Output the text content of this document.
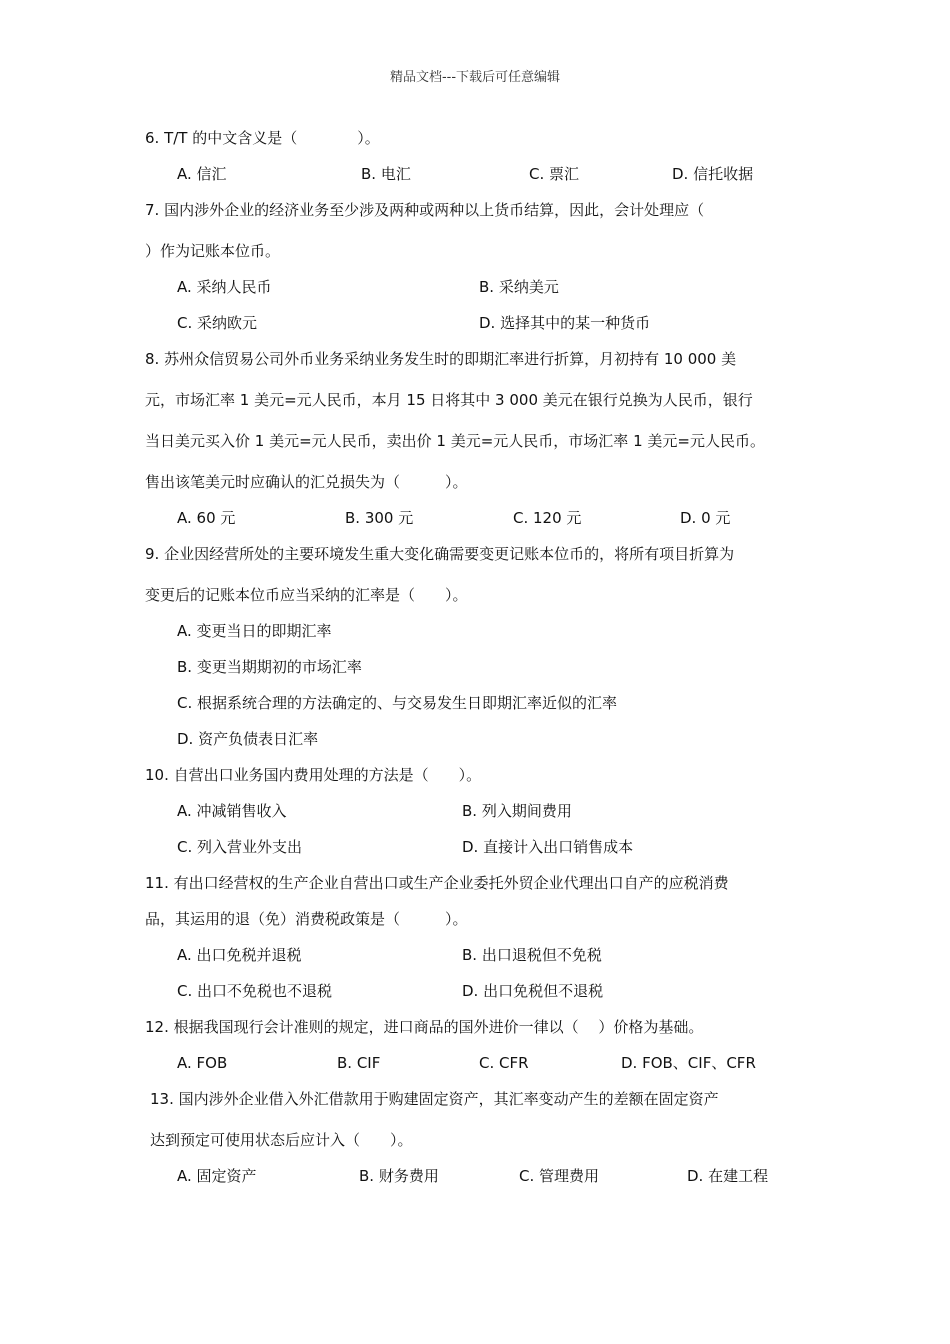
精品文档---下载后可任意编辑
6. T/T 的中文含义是（　　　　）。
A. 信汇	B. 电汇	C. 票汇	D. 信托收据
7. 国内涉外企业的经济业务至少涉及两种或两种以上货币结算，因此，会计处理应（
）作为记账本位币。
A. 采纳人民币	B. 采纳美元
C. 采纳欧元	D. 选择其中的某一种货币
8. 苏州众信贸易公司外币业务采纳业务发生时的即期汇率进行折算，月初持有 10 000 美
元，市场汇率 1 美元=元人民币，本月 15 日将其中 3 000 美元在银行兑换为人民币，银行
当日美元买入价 1 美元=元人民币，卖出价 1 美元=元人民币，市场汇率 1 美元=元人民币。
售出该笔美元时应确认的汇兑损失为（　　　）。
A. 60 元	B. 300 元	C. 120 元	D. 0 元
9. 企业因经营所处的主要环境发生重大变化确需要变更记账本位币的，将所有项目折算为
变更后的记账本位币应当采纳的汇率是（　　）。
A. 变更当日的即期汇率
B. 变更当期期初的市场汇率
C. 根据系统合理的方法确定的、与交易发生日即期汇率近似的汇率
D. 资产负债表日汇率
10. 自营出口业务国内费用处理的方法是（　　）。
A. 冲减销售收入	B. 列入期间费用
C. 列入营业外支出	D. 直接计入出口销售成本
11. 有出口经营权的生产企业自营出口或生产企业委托外贸企业代理出口自产的应税消费
品，其运用的退（免）消费税政策是（　　　）。
A. 出口免税并退税	B. 出口退税但不免税
C. 出口不免税也不退税	D. 出口免税但不退税
12. 根据我国现行会计准则的规定，进口商品的国外进价一律以（　 ）价格为基础。
A. FOB	B. CIF	C. CFR	D. FOB、CIF、CFR
13. 国内涉外企业借入外汇借款用于购建固定资产，其汇率变动产生的差额在固定资产
达到预定可使用状态后应计入（　　）。
A. 固定资产	B. 财务费用	C. 管理费用	D. 在建工程
